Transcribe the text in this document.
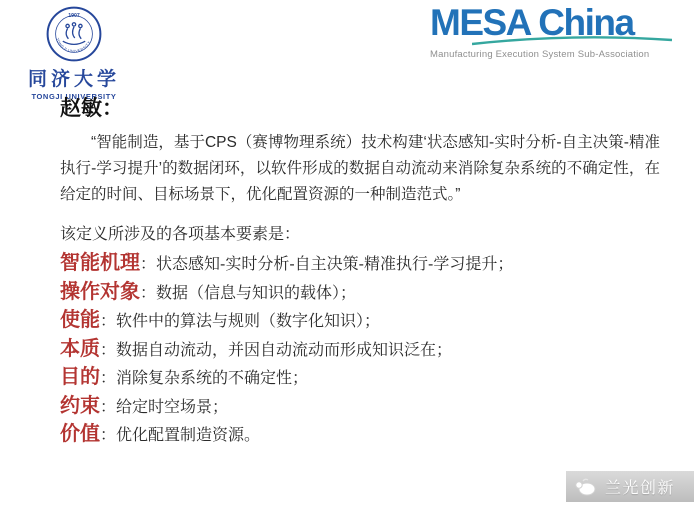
1907
TONGJI UNIVERSITY
同济大学
TONGJI UNIVERSITY
MESA China
Manufacturing Execution System Sub-Association
赵敏：

“智能制造，基于CPS（赛博物理系统）技术构建‘状态感知-实时分析-自主决策-精准执行-学习提升’的数据闭环，以软件形成的数据自动流动来消除复杂系统的不确定性，在给定的时间、目标场景下，优化配置资源的一种制造范式。”

该定义所涉及的各项基本要素是：

智能机理：状态感知-实时分析-自主决策-精准执行-学习提升；
操作对象：数据（信息与知识的载体）；
使能：软件中的算法与规则（数字化知识）；
本质：数据自动流动，并因自动流动而形成知识泛在；
目的：消除复杂系统的不确定性；
约束：给定时空场景；
价值：优化配置制造资源。
兰光创新
